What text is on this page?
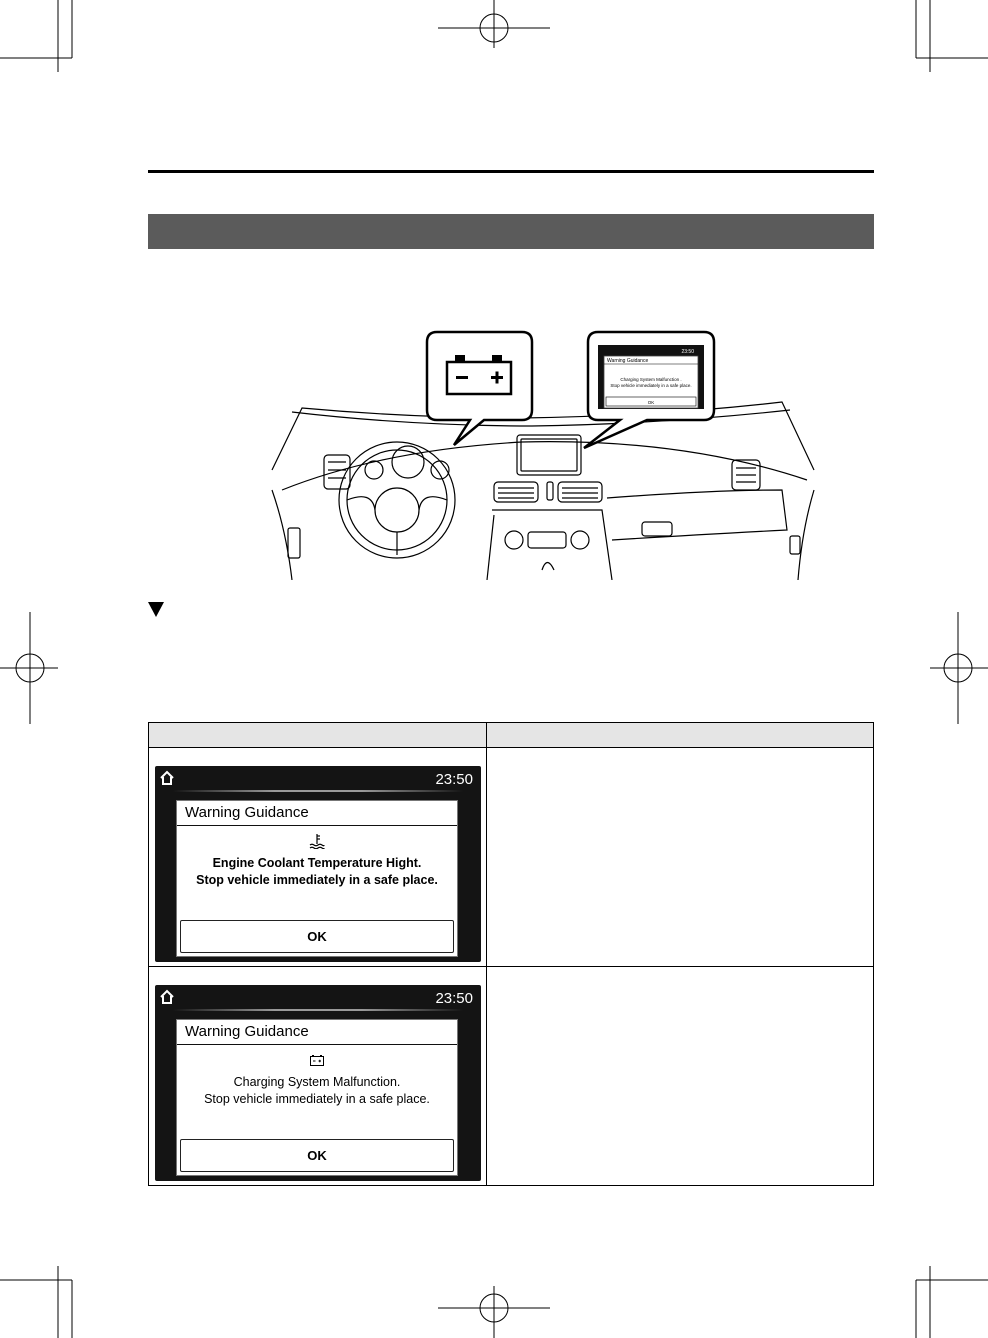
Warning Guidance
23:50
Charging System Malfunction .
Stop vehicle immediately in a safe place.
OK

23:50
Warning Guidance
Engine Coolant Temperature Hight.
Stop vehicle immediately in a safe place.
OK	

23:50
Warning Guidance
Charging System Malfunction.
Stop vehicle immediately in a safe place.
OK	
